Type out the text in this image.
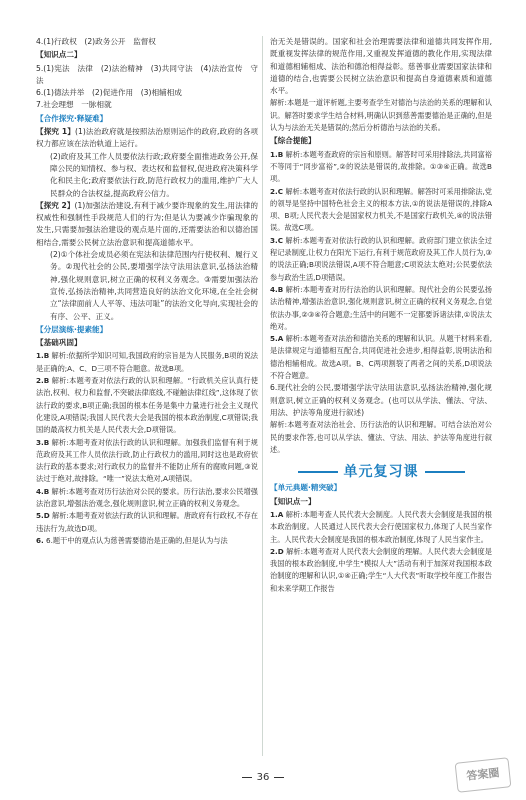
4.(1)行政权　(2)政务公开　监督权

【知识点二】

5.(1)宪法　法律　(2)法治精神　(3)共同守法　(4)法治宣传　守法

6.(1)德法并举　(2)促进作用　(3)相辅相成

7.社会理想　一脉相就

【合作探究·释疑难】

【探究 1】(1)法治政府就是按照法治原则运作的政府,政府的各项权力都应该在法治轨道上运行。

(2)政府及其工作人员要依法行政;政府要全面推进政务公开,保障公民的知情权、参与权、表达权和监督权,促进政府决策科学化和民主化;政府要依法行政,防范行政权力的滥用,维护广大人民群众的合法权益,提高政府公信力。

【探究 2】(1)加强法治建设,有利于减少要诈现象的发生,用法律的权威性和强制性手段规范人们的行为;但是认为要减少诈骗现象的发生,只需要加强法治建设的观点是片面的,还需要法治和以德治国相结合,需要公民树立法治意识和提高道德水平。

(2)①个体社会成员必须在宪法和法律范围内行使权利、履行义务。②现代社会的公民,要增强学法守法用法意识,弘扬法治精神,强化规则意识,树立正确的权利义务观念。③需要加强法治宣传,弘扬法治精神,共同营造良好的法治文化环境,在全社会树立“法律面前人人平等、违法可耻”的法治文化导向,实现社会的有序、公平、正义。

【分层演练·提素能】
【基础巩固】

1.B 解析:依据所学知识可知,我国政府的宗旨是为人民服务,B项的说法是正确的;A、C、D三项不符合题意。故选B项。

2.B 解析:本题考查对依法行政的认识和理解。“行政机关应认真行使法治,权利、权力和监督,不突破法律底线,不碰触法律红线”,这体现了依法行政的要求,B项正确;我国的根本任务是集中力量进行社会主义现代化建设,A项错误;我国人民代表大会是我国的根本政治制度,C项错误;我国的最高权力机关是人民代表大会,D项错误。

3.B 解析:本题考查对依法行政的认识和理解。加强我们监督有利于规范政府及其工作人员依法行政,防止行政权力的滥用,同时这也是政府依法行政的基本要求;对行政权力的监督并不能防止所有的腐败问题,③说法过于绝对,故排除。“唯一”说法太绝对,A项错误。

4.B 解析:本题考查对历行法治对公民的要求。历行法治,要求公民增强法治意识,增强法治观念,强化规则意识,树立正确的权利义务观念。

5.D 解析:本题考查对依法行政的认识和理解。唐政府有行政权,不存在违法行为,故选D项。

6. 6.题干中的观点认为慈善需要德治是正确的,但是认为与法

治无关是错误的。国家和社会治理需要法律和道德共同发挥作用,既重视发挥法律的规范作用,又重视发挥道德的教化作用,实现法律和道德相辅相成、法治和德治相得益彰。慈善事业需要国家法律和道德的结合,也需要公民树立法治意识和提高自身道德素质和道德水平。

解析:本题是一道评析题,主要考查学生对德治与法治的关系的理解和认识。解答时要求学生结合材料,明确认识到慈善需要德治是正确的,但是认为与法治无关是错误的;然后分析德治与法治的关系。

【综合提能】

1.B 解析:本题考查政府的宗旨和原则。解答时可采用排除法,共同富裕不等同于“同步富裕”,②的说法是错误的,故排除。①③④正确。故选B项。

2.C 解析:本题考查对依法行政的认识和理解。解答时可采用排除法,党的领导是坚持中国特色社会主义的根本方法,①的说法是错误的,排除A项、B项;人民代表大会是国家权力机关,不是国家行政机关,④的说法错误。故选C项。

3.C 解析:本题考查对依法行政的认识和理解。政府部门建立依法全过程记录制度,让权力在阳光下运行,有利于规范政府及其工作人员行为,③的说法正确;B项说法错误,A项不符合题意;C项说法太绝对;公民要依法参与政治生活,D项错误。

4.B 解析:本题考查对历行法治的认识和理解。现代社会的公民要弘扬法治精神,增强法治意识,强化规则意识,树立正确的权利义务观念,自觉依法办事,②③④符合题意;生活中的问题不一定都要诉诸法律,①说法太绝对。

5.A 解析:本题考查对法治和德治关系的理解和认识。从题干材料来看,是法律规定与道德相互配合,共同促进社会进步,相得益彰,说明法治和德治相辅相成。故选A项。B、C两项割裂了两者之间的关系,D项说法不符合题意。

6.现代社会的公民,要增强学法守法用法意识,弘扬法治精神,强化规则意识,树立正确的权利义务观念。(也可以从学法、懂法、守法、用法、护法等角度进行叙述)

解析:本题考查对法治社会、历行法治的认识和理解。可结合法治对公民的要求作答,也可以从学法、懂法、守法、用法、护法等角度进行叙述。

单元复习课
【单元典题·精突破】
【知识点一】

1.A 解析:本题考查人民代表大会制度。人民代表大会制度是我国的根本政治制度。人民通过人民代表大会行使国家权力,体现了人民当家作主。人民代表大会制度是我国的根本政治制度,体现了人民当家作主。

2.D 解析:本题考查对人民代表大会制度的理解。人民代表大会制度是我国的根本政治制度,中学生“模拟人大”活动有利于加深对我国根本政治制度的理解和认识,①④正确;学生“人大代表”听取学校年度工作报告和未来学期工作报告

36	答案圈
